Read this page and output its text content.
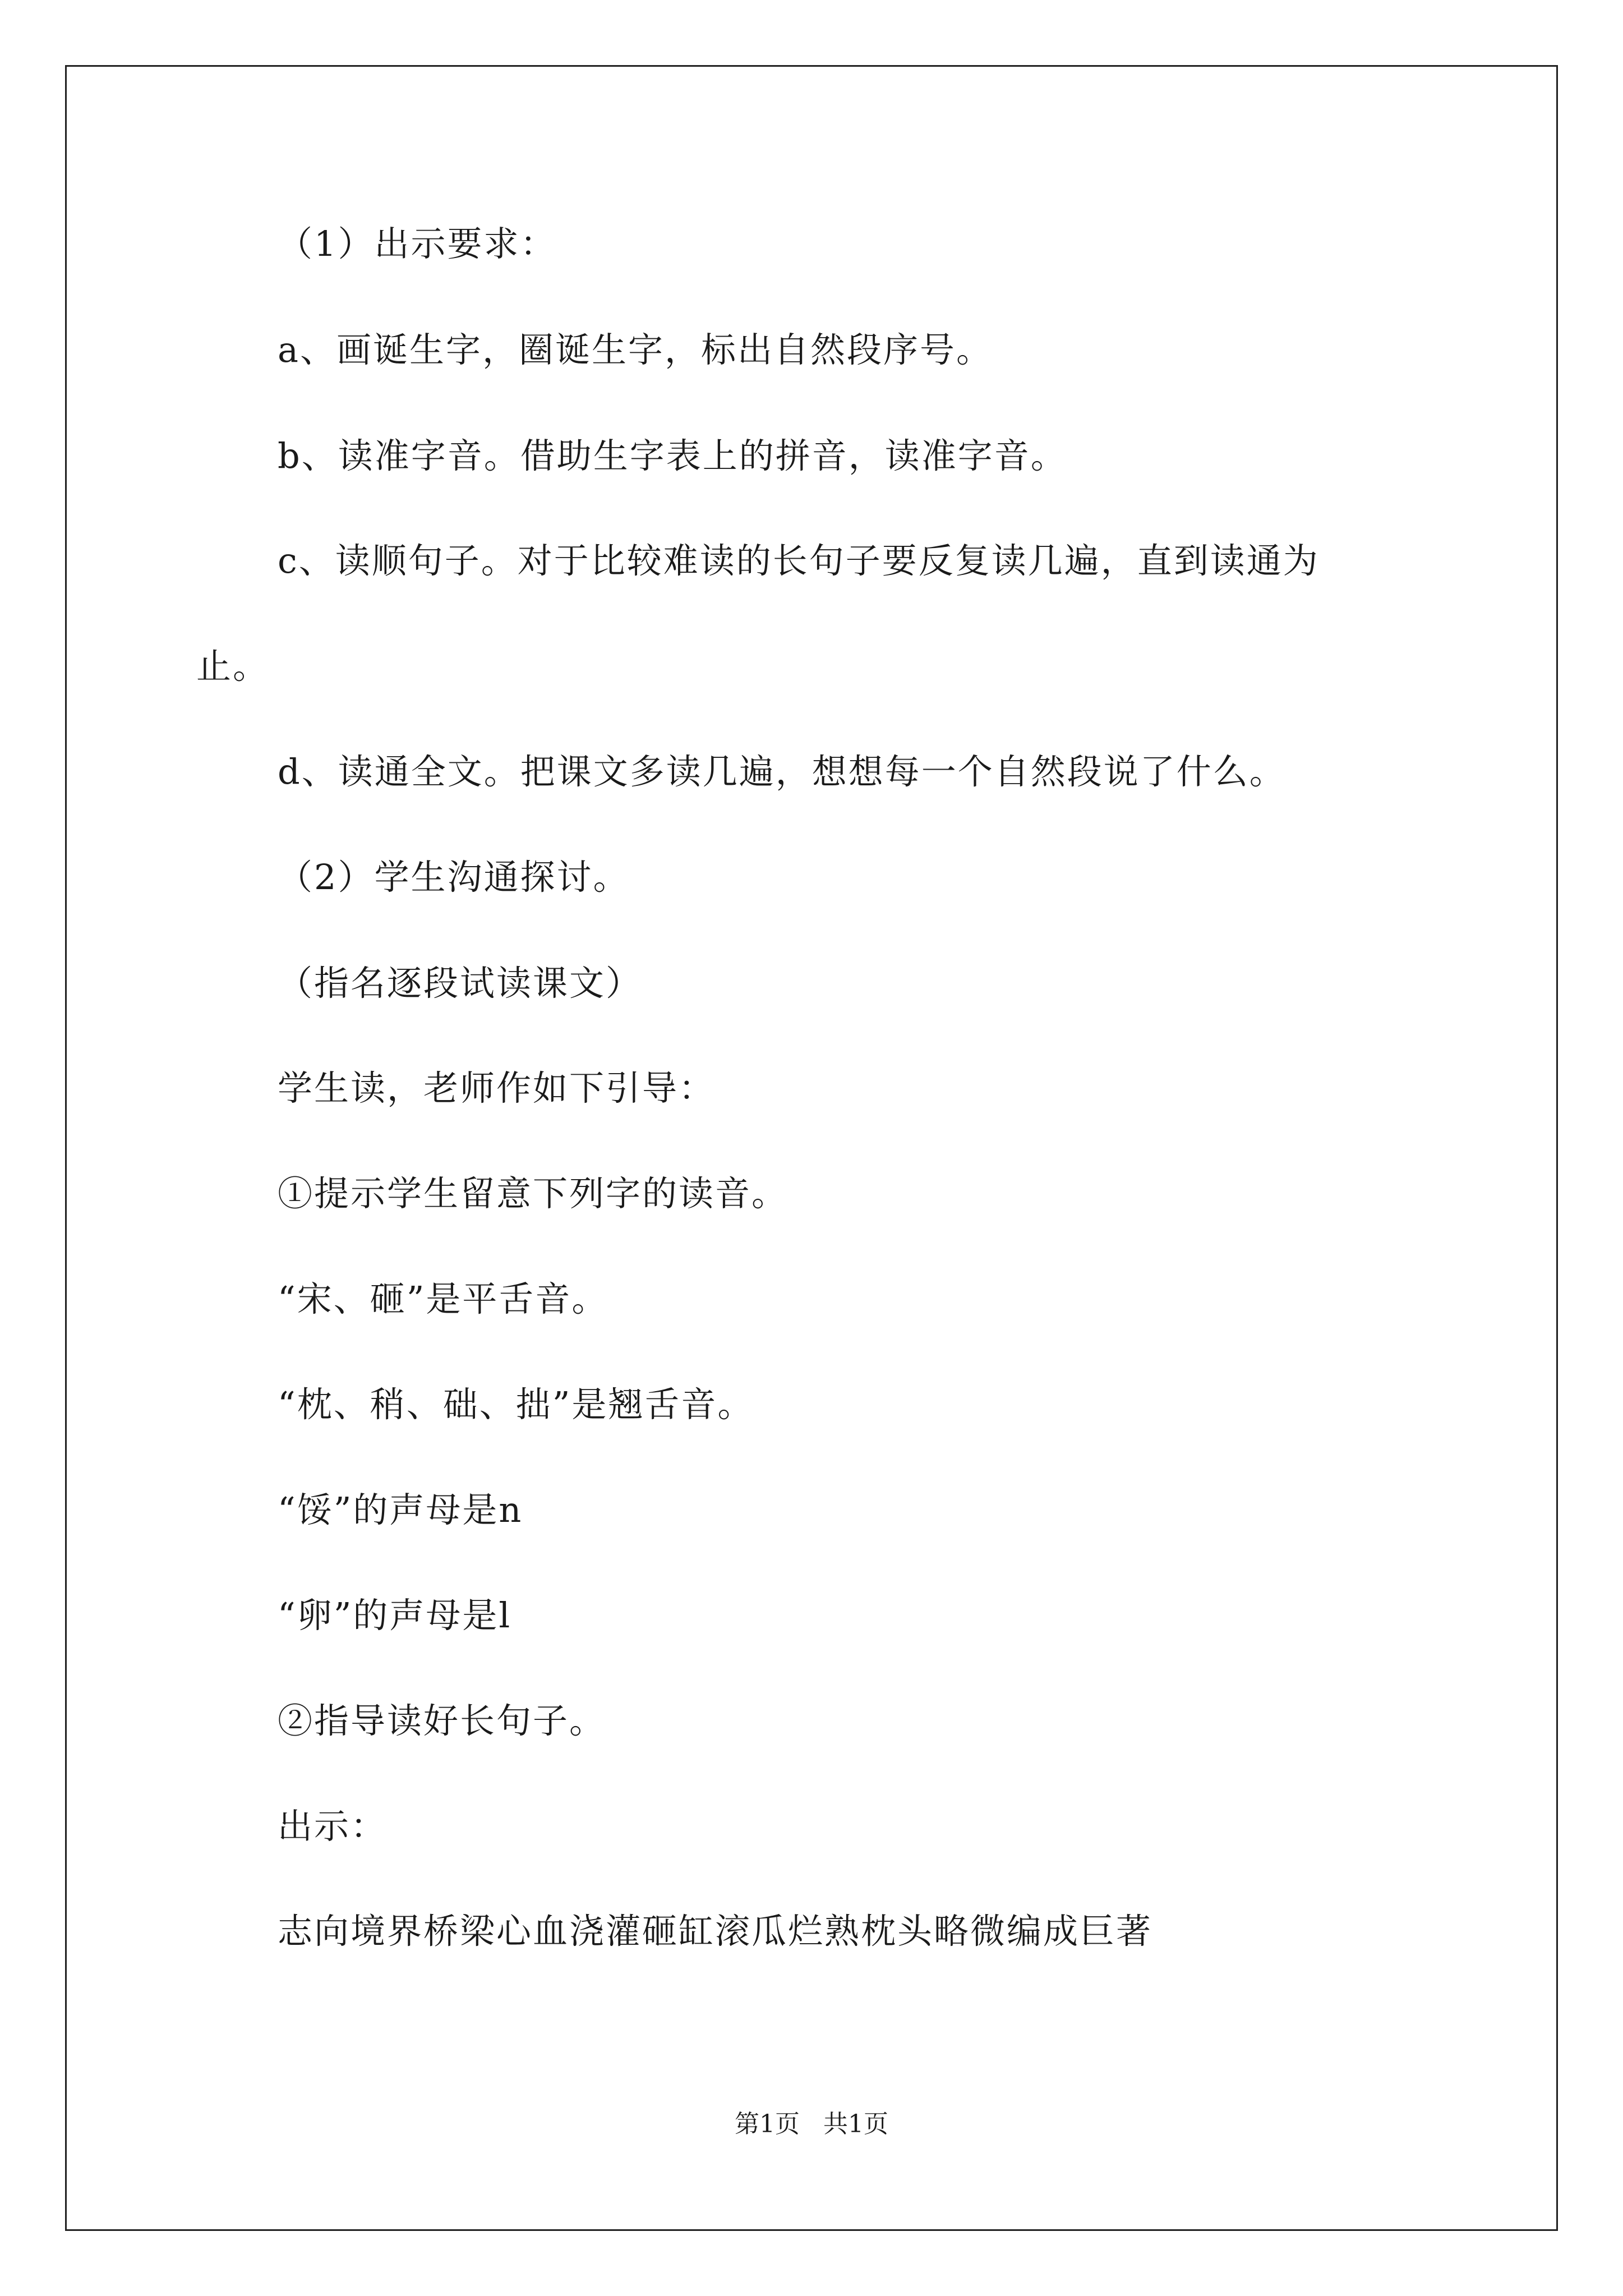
（1）出示要求：
a、画诞生字，圈诞生字，标出自然段序号。
b、读准字音。借助生字表上的拼音，读准字音。
c、读顺句子。对于比较难读的长句子要反复读几遍，直到读通为
止。
d、读通全文。把课文多读几遍，想想每一个自然段说了什么。
（2）学生沟通探讨。
（指名逐段试读课文）
学生读，老师作如下引导：
①提示学生留意下列字的读音。
“宋、砸”是平舌音。
“枕、稍、础、拙”是翘舌音。
“馁”的声母是n
“卵”的声母是l
②指导读好长句子。
出示：
志向境界桥梁心血浇灌砸缸滚瓜烂熟枕头略微编成巨著
第1页   共1页
